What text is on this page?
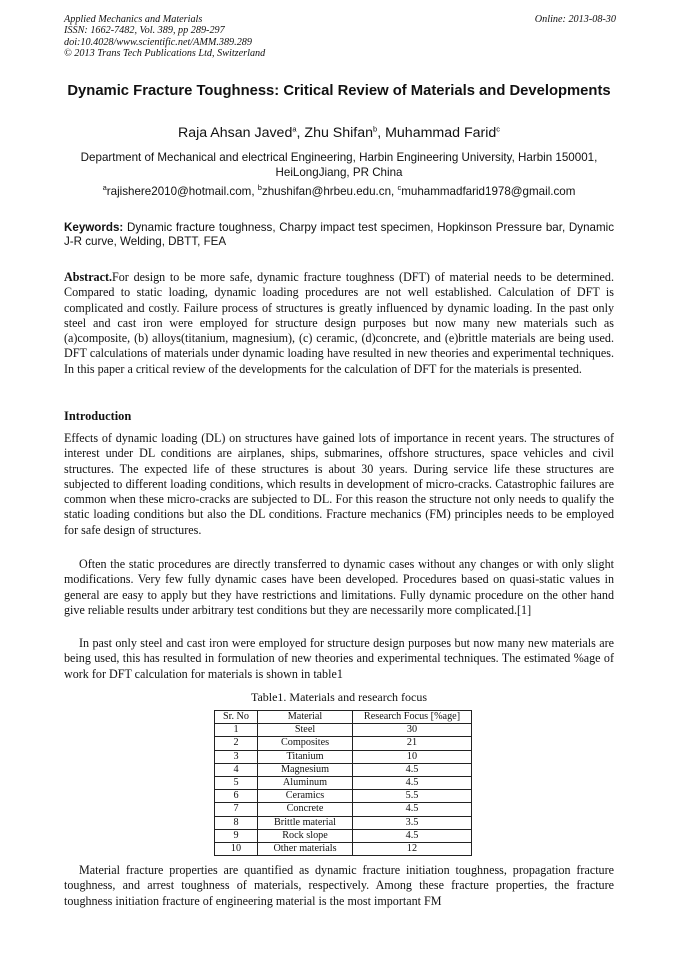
Applied Mechanics and Materials
ISSN: 1662-7482, Vol. 389, pp 289-297
doi:10.4028/www.scientific.net/AMM.389.289
© 2013 Trans Tech Publications Ltd, Switzerland
Online: 2013-08-30
Dynamic Fracture Toughness: Critical Review of Materials and Developments
Raja Ahsan Javed$^a$, Zhu Shifan$^b$, Muhammad Farid$^c$
Department of Mechanical and electrical Engineering, Harbin Engineering University, Harbin 150001, HeiLongJiang, PR China
$^a$rajishere2010@hotmail.com, $^b$zhushifan@hrbeu.edu.cn, $^c$muhammadfarid1978@gmail.com
Keywords: Dynamic fracture toughness, Charpy impact test specimen, Hopkinson Pressure bar, Dynamic J-R curve, Welding, DBTT, FEA

Abstract.For design to be more safe, dynamic fracture toughness (DFT) of material needs to be determined. Compared to static loading, dynamic loading procedures are not well established. Calculation of DFT is complicated and costly. Failure process of structures is greatly influenced by dynamic loading. In the past only steel and cast iron were employed for structure design purposes but now many new materials such as (a)composite, (b) alloys(titanium, magnesium), (c) ceramic, (d)concrete, and (e)brittle materials are being used. DFT calculations of materials under dynamic loading have resulted in new theories and experimental techniques. In this paper a critical review of the developments for the calculation of DFT for the materials is presented.

Introduction

Effects of dynamic loading (DL) on structures have gained lots of importance in recent years. The structures of interest under DL conditions are airplanes, ships, submarines, offshore structures, space vehicles and civil structures. The expected life of these structures is about 30 years. During service life these structures are subjected to different loading conditions, which results in development of micro-cracks. Catastrophic failures are common when these micro-cracks are subjected to DL. For this reason the structure not only needs to qualify the static loading conditions but also the DL conditions. Fracture mechanics (FM) principles needs to be employed for safe design of structures.

Often the static procedures are directly transferred to dynamic cases without any changes or with only slight modifications. Very few fully dynamic cases have been developed. Procedures based on quasi-static values in general are easy to apply but they have restrictions and limitations. Fully dynamic procedure on the other hand give reliable results under arbitrary test conditions but they are necessarily more complicated.[1]

In past only steel and cast iron were employed for structure design purposes but now many new materials are being used, this has resulted in formulation of new theories and experimental techniques. The estimated %age of work for DFT calculation for materials is shown in table1

Table1. Materials and research focus
Sr. No	Material	Research Focus [%age]
1	Steel	30
2	Composites	21
3	Titanium	10
4	Magnesium	4.5
5	Aluminum	4.5
6	Ceramics	5.5
7	Concrete	4.5
8	Brittle material	3.5
9	Rock slope	4.5
10	Other materials	12

Material fracture properties are quantified as dynamic fracture initiation toughness, propagation fracture toughness, and arrest toughness of materials, respectively. Among these fracture properties, the fracture toughness initiation fracture of engineering material is the most important FM
